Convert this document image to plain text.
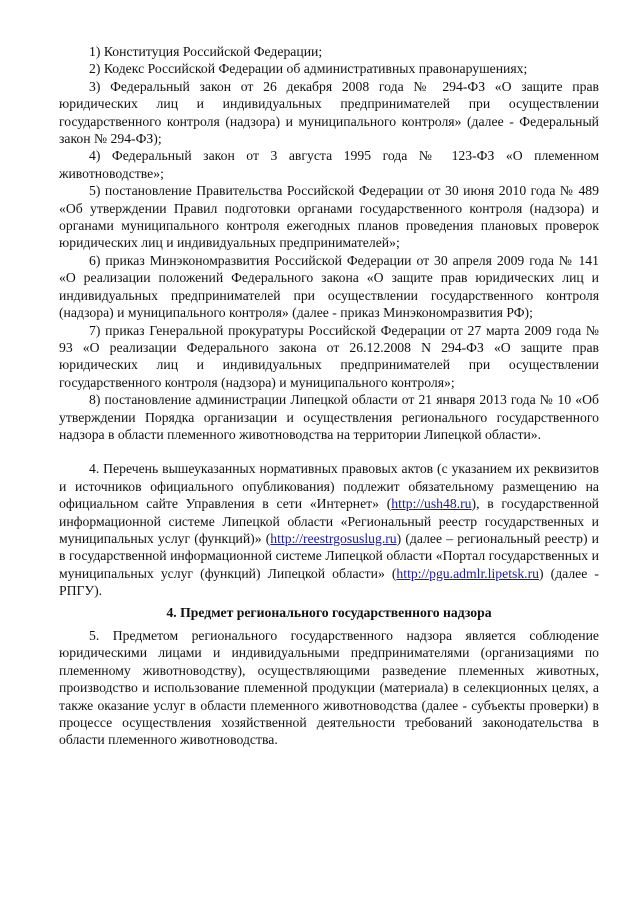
1) Конституция Российской Федерации;

2) Кодекс Российской Федерации об административных правонарушениях;

3) Федеральный закон от 26 декабря 2008 года № 294-ФЗ «О защите прав юридических лиц и индивидуальных предпринимателей при осуществлении государственного контроля (надзора) и муниципального контроля» (далее - Федеральный закон № 294-ФЗ);

4) Федеральный закон от 3 августа 1995 года № 123-ФЗ «О племенном животноводстве»;

5) постановление Правительства Российской Федерации от 30 июня 2010 года № 489 «Об утверждении Правил подготовки органами государственного контроля (надзора) и органами муниципального контроля ежегодных планов проведения плановых проверок юридических лиц и индивидуальных предпринимателей»;

6) приказ Минэкономразвития Российской Федерации от 30 апреля 2009 года № 141 «О реализации положений Федерального закона «О защите прав юридических лиц и индивидуальных предпринимателей при осуществлении государственного контроля (надзора) и муниципального контроля» (далее - приказ Минэкономразвития РФ);

7) приказ Генеральной прокуратуры Российской Федерации от 27 марта 2009 года № 93 «О реализации Федерального закона от 26.12.2008 N 294-ФЗ «О защите прав юридических лиц и индивидуальных предпринимателей при осуществлении государственного контроля (надзора) и муниципального контроля»;

8) постановление администрации Липецкой области от 21 января 2013 года № 10 «Об утверждении Порядка организации и осуществления регионального государственного надзора в области племенного животноводства на территории Липецкой области».

4. Перечень вышеуказанных нормативных правовых актов (с указанием их реквизитов и источников официального опубликования) подлежит обязательному размещению на официальном сайте Управления в сети «Интернет» (http://ush48.ru), в государственной информационной системе Липецкой области «Региональный реестр государственных и муниципальных услуг (функций)» (http://reestrgosuslug.ru) (далее – региональный реестр) и в государственной информационной системе Липецкой области «Портал государственных и муниципальных услуг (функций) Липецкой области» (http://pgu.admlr.lipetsk.ru) (далее - РПГУ).

4. Предмет регионального государственного надзора

5. Предметом регионального государственного надзора является соблюдение юридическими лицами и индивидуальными предпринимателями (организациями по племенному животноводству), осуществляющими разведение племенных животных, производство и использование племенной продукции (материала) в селекционных целях, а также оказание услуг в области племенного животноводства (далее - субъекты проверки) в процессе осуществления хозяйственной деятельности требований законодательства в области племенного животноводства.
